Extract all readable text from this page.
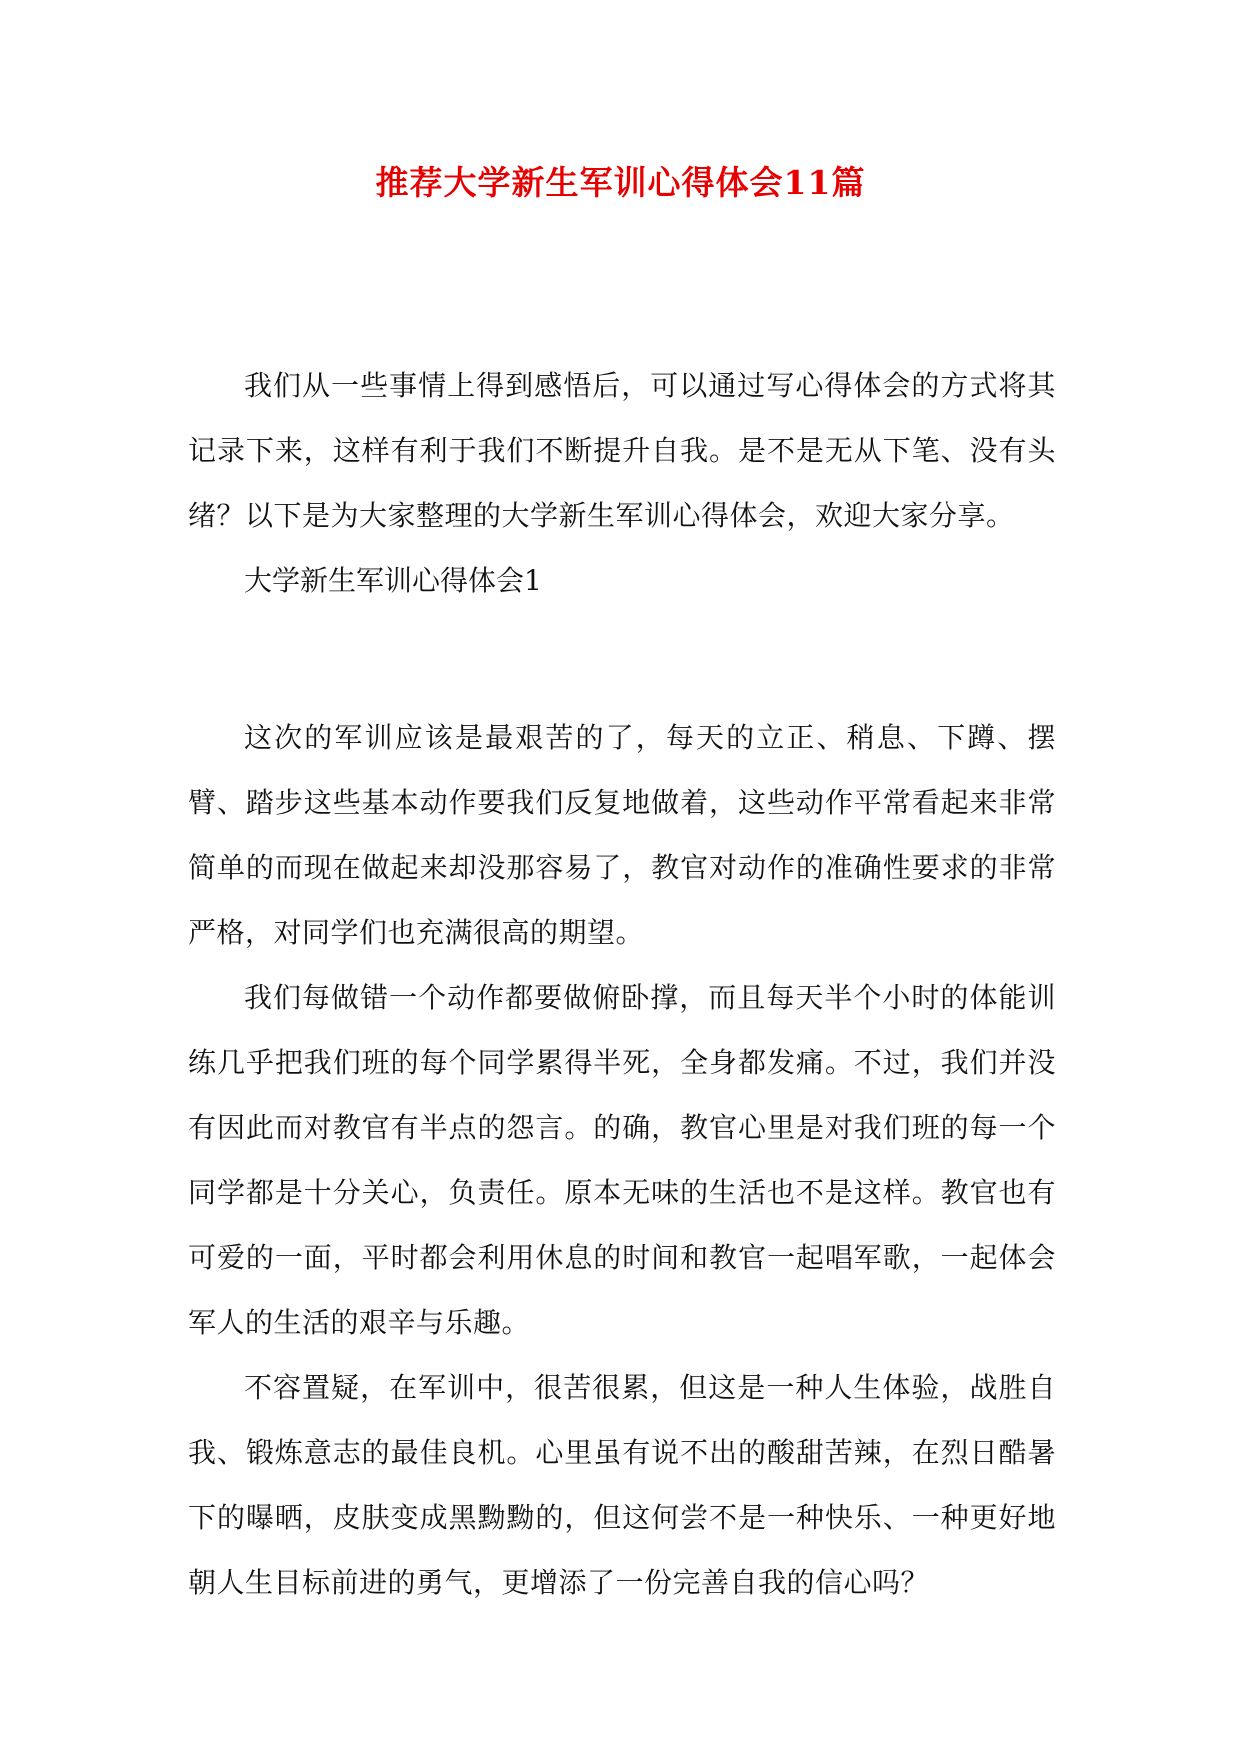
推荐大学新生军训心得体会11篇

我们从一些事情上得到感悟后，可以通过写心得体会的方式将其记录下来，这样有利于我们不断提升自我。是不是无从下笔、没有头绪？以下是为大家整理的大学新生军训心得体会，欢迎大家分享。

大学新生军训心得体会1

这次的军训应该是最艰苦的了，每天的立正、稍息、下蹲、摆臂、踏步这些基本动作要我们反复地做着，这些动作平常看起来非常简单的而现在做起来却没那容易了，教官对动作的准确性要求的非常严格，对同学们也充满很高的期望。

我们每做错一个动作都要做俯卧撑，而且每天半个小时的体能训练几乎把我们班的每个同学累得半死，全身都发痛。不过，我们并没有因此而对教官有半点的怨言。的确，教官心里是对我们班的每一个同学都是十分关心，负责任。原本无味的生活也不是这样。教官也有可爱的一面，平时都会利用休息的时间和教官一起唱军歌，一起体会军人的生活的艰辛与乐趣。

不容置疑，在军训中，很苦很累，但这是一种人生体验，战胜自我、锻炼意志的最佳良机。心里虽有说不出的酸甜苦辣，在烈日酷暑下的曝晒，皮肤变成黑黝黝的，但这何尝不是一种快乐、一种更好地朝人生目标前进的勇气，更增添了一份完善自我的信心吗？
